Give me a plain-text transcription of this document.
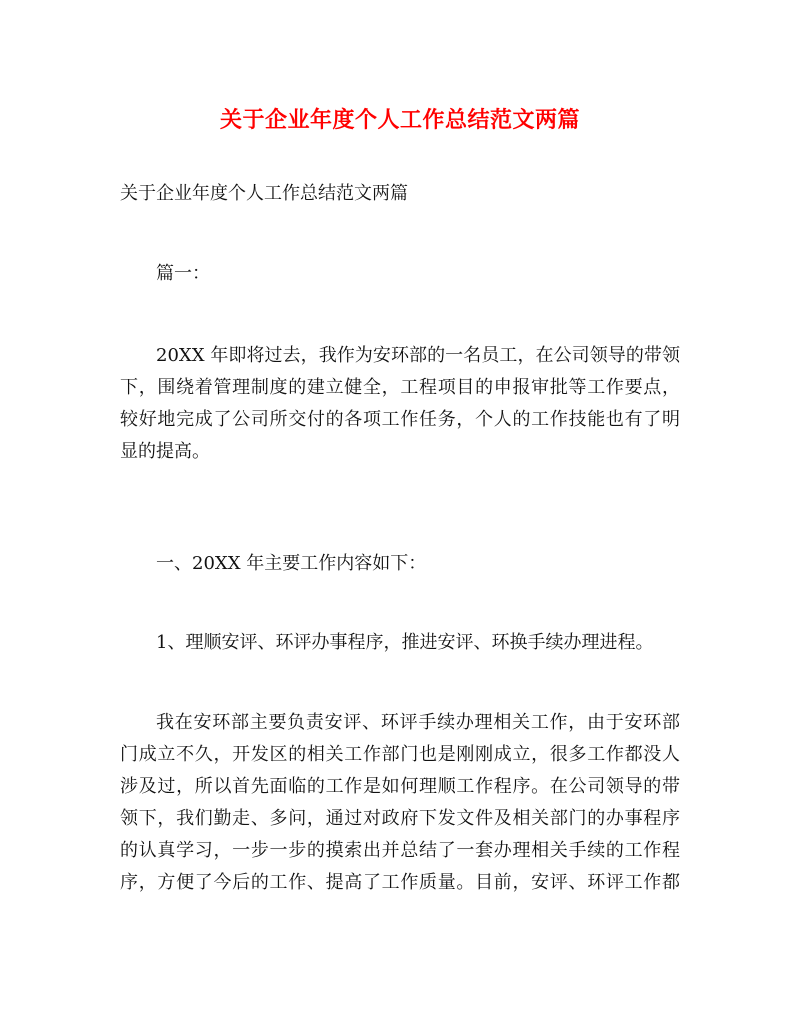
关于企业年度个人工作总结范文两篇
关于企业年度个人工作总结范文两篇
篇一：
20XX 年即将过去，我作为安环部的一名员工，在公司领导的带领
下，围绕着管理制度的建立健全，工程项目的申报审批等工作要点，
较好地完成了公司所交付的各项工作任务，个人的工作技能也有了明
显的提高。
一、20XX 年主要工作内容如下：
1、理顺安评、环评办事程序，推进安评、环换手续办理进程。
我在安环部主要负责安评、环评手续办理相关工作，由于安环部
门成立不久，开发区的相关工作部门也是刚刚成立，很多工作都没人
涉及过，所以首先面临的工作是如何理顺工作程序。在公司领导的带
领下，我们勤走、多问，通过对政府下发文件及相关部门的办事程序
的认真学习，一步一步的摸索出并总结了一套办理相关手续的工作程
序，方便了今后的工作、提高了工作质量。目前，安评、环评工作都
